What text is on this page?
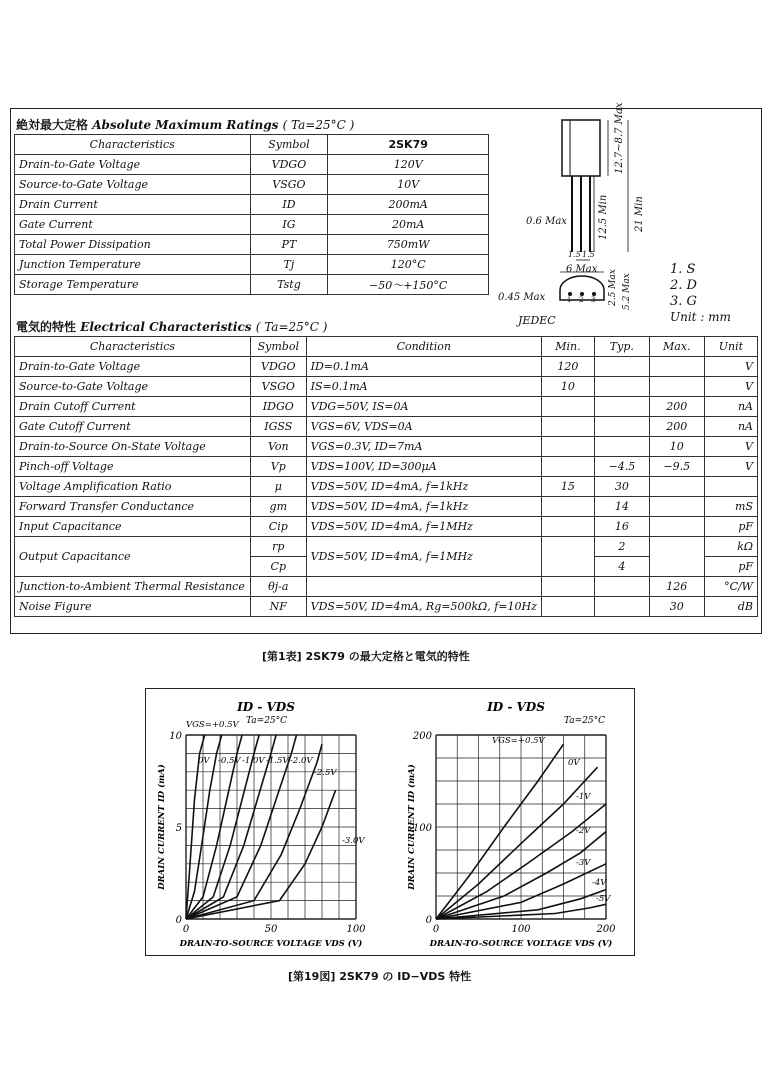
絶対最大定格 Absolute Maximum Ratings ( Ta=25°C )
Characteristics	Symbol	2SK79
Drain-to-Gate Voltage	VDGO	120V
Source-to-Gate Voltage	VSGO	10V
Drain Current	ID	200mA
Gate Current	IG	20mA
Total Power Dissipation	PT	750mW
Junction Temperature	Tj	120°C
Storage Temperature	Tstg	−50～+150°C
12.7~8.7 Max
21 Min
12.5 Min
0.6 Max
1.5 1.5
6 Max 2.5 Max 5.2 Max
0.45 Max	1 2 3
JEDEC
1. S
2. D
3. G
Unit : mm
電気的特性 Electrical Characteristics ( Ta=25°C )
Characteristics	Symbol	Condition	Min.	Typ.	Max.	Unit
Drain-to-Gate Voltage	VDGO	ID=0.1mA	120			V
Source-to-Gate Voltage	VSGO	IS=0.1mA	10			V
Drain Cutoff Current	IDGO	VDG=50V, IS=0A			200	nA
Gate Cutoff Current	IGSS	VGS=6V, VDS=0A			200	nA
Drain-to-Source On-State Voltage	Von	VGS=0.3V, ID=7mA			10	V
Pinch-off Voltage	Vp	VDS=100V, ID=300μA		−4.5	−9.5	V
Voltage Amplification Ratio	μ	VDS=50V, ID=4mA, f=1kHz	15	30		
Forward Transfer Conductance	gm	VDS=50V, ID=4mA, f=1kHz		14		mS
Input Capacitance	Cip	VDS=50V, ID=4mA, f=1MHz		16		pF
Output Capacitance	rp	VDS=50V, ID=4mA, f=1MHz		2		kΩ
	Cp			4		pF
Junction-to-Ambient Thermal Resistance	θj-a				126	°C/W
Noise Figure	NF	VDS=50V, ID=4mA, Rg=500kΩ, f=10Hz			30	dB
[第1表] 2SK79 の最大定格と電気的特性
ID - VDS
0	50	100
0
5
10
DRAIN-TO-SOURCE VOLTAGE VDS (V)
DRAIN CURRENT ID (mA)
Ta=25°C
VGS=+0.5V
0V -0.5V -1.0V -1.5V -2.0V
-2.5V
-3.0V
ID - VDS
0	100	200
0
100
200
DRAIN-TO-SOURCE VOLTAGE VDS (V)
DRAIN CURRENT ID (mA)
Ta=25°C
VGS=+0.5V
0V
-1V
-2V
-3V
-4V
-5V
[第19図] 2SK79 の ID−VDS 特性
